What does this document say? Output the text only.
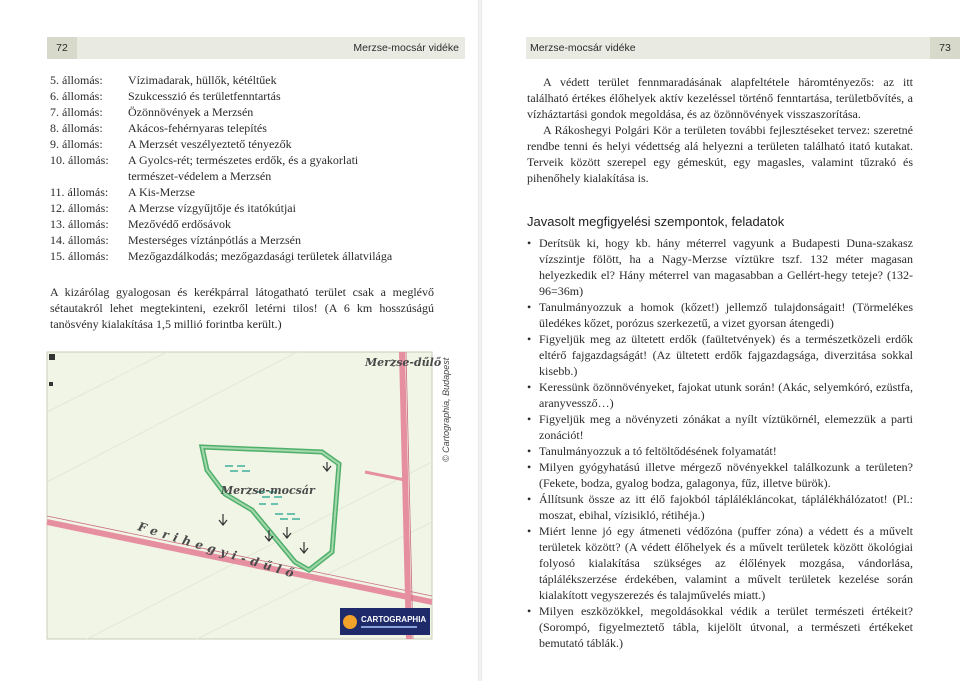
72	Merzse-mocsár vidéke
5. állomás:	Vízimadarak, hüllők, kétéltűek
6. állomás:	Szukcesszió és területfenntartás
7. állomás:	Özönnövények a Merzsén
8. állomás:	Akácos-fehérnyaras telepítés
9. állomás:	A Merzsét veszélyeztető tényezők
10. állomás:	A Gyolcs-rét; természetes erdők, és a gyakorlati természet-védelem a Merzsén
11. állomás:	A Kis-Merzse
12. állomás:	A Merzse vízgyűjtője és itatókútjai
13. állomás:	Mezővédő erdősávok
14. állomás:	Mesterséges víztánpótlás a Merzsén
15. állomás:	Mezőgazdálkodás; mezőgazdasági területek állatvilága
A kizárólag gyalogosan és kerékpárral látogatható terület csak a meglévő sétautakról lehet megtekinteni, ezekről letérni tilos! (A 6 km hosszúságú tanösvény kialakítása 1,5 millió forintba került.)
Merzse-dűlő
Merzse-mocsár
Ferihegyi-dűlő
CARTOGRAPHIA
© Cartographia, Budapest
Merzse-mocsár vidéke	73

A védett terület fennmaradásának alapfeltétele háromtényezős: az itt található értékes élőhelyek aktív kezeléssel történő fenntartása, területbővítés, a vízháztartási gondok megoldása, és az özönnövények visszaszorítása.

A Rákoshegyi Polgári Kör a területen további fejlesztéseket tervez: szeretné rendbe tenni és helyi védettség alá helyezni a területen található itató kutakat. Terveik között szerepel egy gémeskút, egy magasles, valamint tűzrakó és pihenőhely kialakítása is.

Javasolt megfigyelési szempontok, feladatok
• Derítsük ki, hogy kb. hány méterrel vagyunk a Budapesti Duna-szakasz vízszintje fölött, ha a Nagy-Merzse víztükre tszf. 132 méter magasan helyezkedik el? Hány méterrel van magasabban a Gellért-hegy teteje? (132-96=36m)
• Tanulmányozzuk a homok (kőzet!) jellemző tulajdonságait! (Törmelékes üledékes kőzet, porózus szerkezetű, a vizet gyorsan átengedi)
• Figyeljük meg az ültetett erdők (faültetvények) és a természetközeli erdők eltérő fajgazdagságát! (Az ültetett erdők fajgazdagsága, diverzitása sokkal kisebb.)
• Keressünk özönnövényeket, fajokat utunk során! (Akác, selyemkóró, ezüstfa, aranyvessző…)
• Figyeljük meg a növényzeti zónákat a nyílt víztükörnél, elemezzük a parti zonációt!
• Tanulmányozzuk a tó feltöltődésének folyamatát!
• Milyen gyógyhatású illetve mérgező növényekkel találkozunk a területen? (Fekete, bodza, gyalog bodza, galagonya, fűz, illetve bürök).
• Állítsunk össze az itt élő fajokból táplálékláncokat, táplálékhálózatot! (Pl.: moszat, ebihal, vízisikló, rétihéja.)
• Miért lenne jó egy átmeneti védőzóna (puffer zóna) a védett és a művelt területek között? (A védett élőhelyek és a művelt területek között ökológiai folyosó kialakítása szükséges az élőlények mozgása, vándorlása, táplálékszerzése érdekében, valamint a művelt területek kezelése során kialakított vegyszerezés és talajművelés miatt.)
• Milyen eszközökkel, megoldásokkal védik a terület természeti értékeit? (Sorompó, figyelmeztető tábla, kijelölt útvonal, a természeti értékeket bemutató táblák.)
